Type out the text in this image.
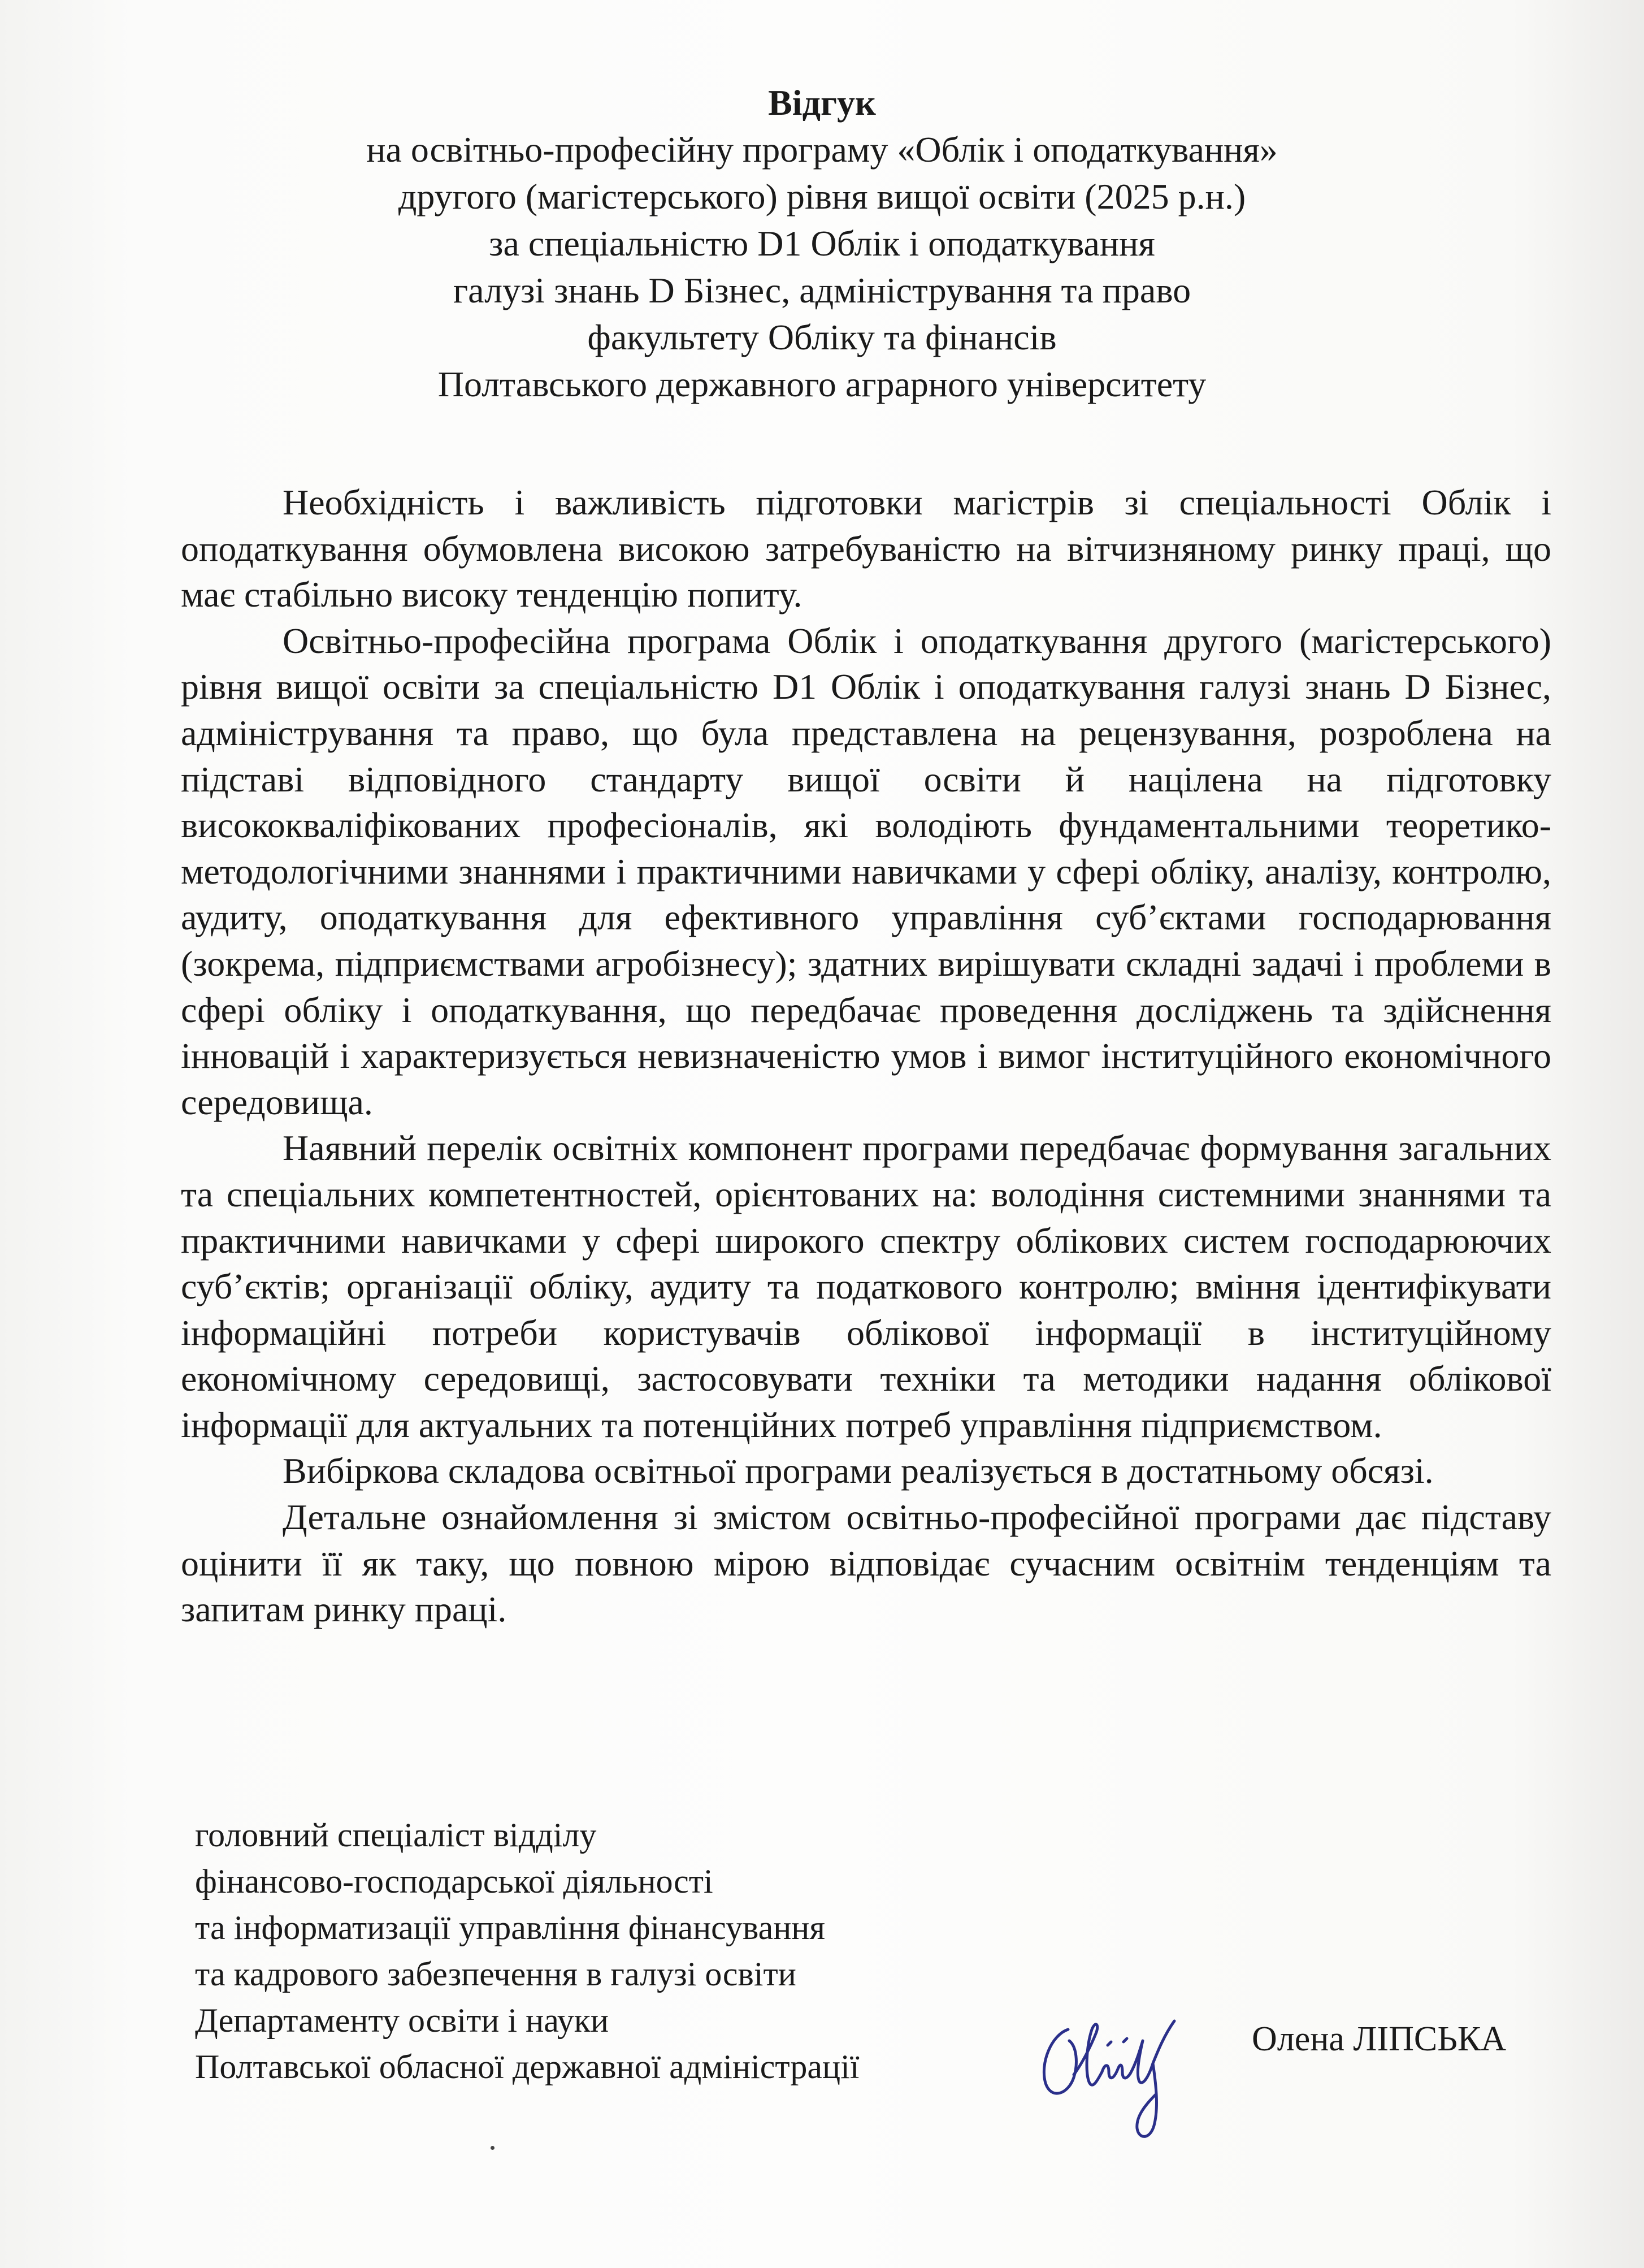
Відгук
на освітньо-професійну програму «Облік і оподаткування»
другого (магістерського) рівня вищої освіти (2025 р.н.)
за спеціальністю D1 Облік і оподаткування
галузі знань D Бізнес, адміністрування та право
факультету Обліку та фінансів
Полтавського державного аграрного університету

Необхідність і важливість підготовки магістрів зі спеціальності Облік і оподаткування обумовлена високою затребуваністю на вітчизняному ринку праці, що має стабільно високу тенденцію попиту.

Освітньо-професійна програма Облік і оподаткування другого (магістерського) рівня вищої освіти за спеціальністю D1 Облік і оподаткування галузі знань D Бізнес, адміністрування та право, що була представлена на рецензування, розроблена на підставі відповідного стандарту вищої освіти й націлена на підготовку висококваліфікованих професіоналів, які володіють фундаментальними теоретико-методологічними знаннями і практичними навичками у сфері обліку, аналізу, контролю, аудиту, оподаткування для ефективного управління суб’єктами господарювання (зокрема, підприємствами агробізнесу); здатних вирішувати складні задачі і проблеми в сфері обліку і оподаткування, що передбачає проведення досліджень та здійснення інновацій і характеризується невизначеністю умов і вимог інституційного економічного середовища.

Наявний перелік освітніх компонент програми передбачає формування загальних та спеціальних компетентностей, орієнтованих на: володіння системними знаннями та практичними навичками у сфері широкого спектру облікових систем господарюючих суб’єктів; організації обліку, аудиту та податкового контролю; вміння ідентифікувати інформаційні потреби користувачів облікової інформації в інституційному економічному середовищі, застосовувати техніки та методики надання облікової інформації для актуальних та потенційних потреб управління підприємством.

Вибіркова складова освітньої програми реалізується в достатньому обсязі.

Детальне ознайомлення зі змістом освітньо-професійної програми дає підставу оцінити її як таку, що повною мірою відповідає сучасним освітнім тенденціям та запитам ринку праці.

головний спеціаліст відділу
фінансово-господарської діяльності
та інформатизації управління фінансування
та кадрового забезпечення в галузі освіти
Департаменту освіти і науки
Полтавської обласної державної адміністрації
Олена ЛІПСЬКА
